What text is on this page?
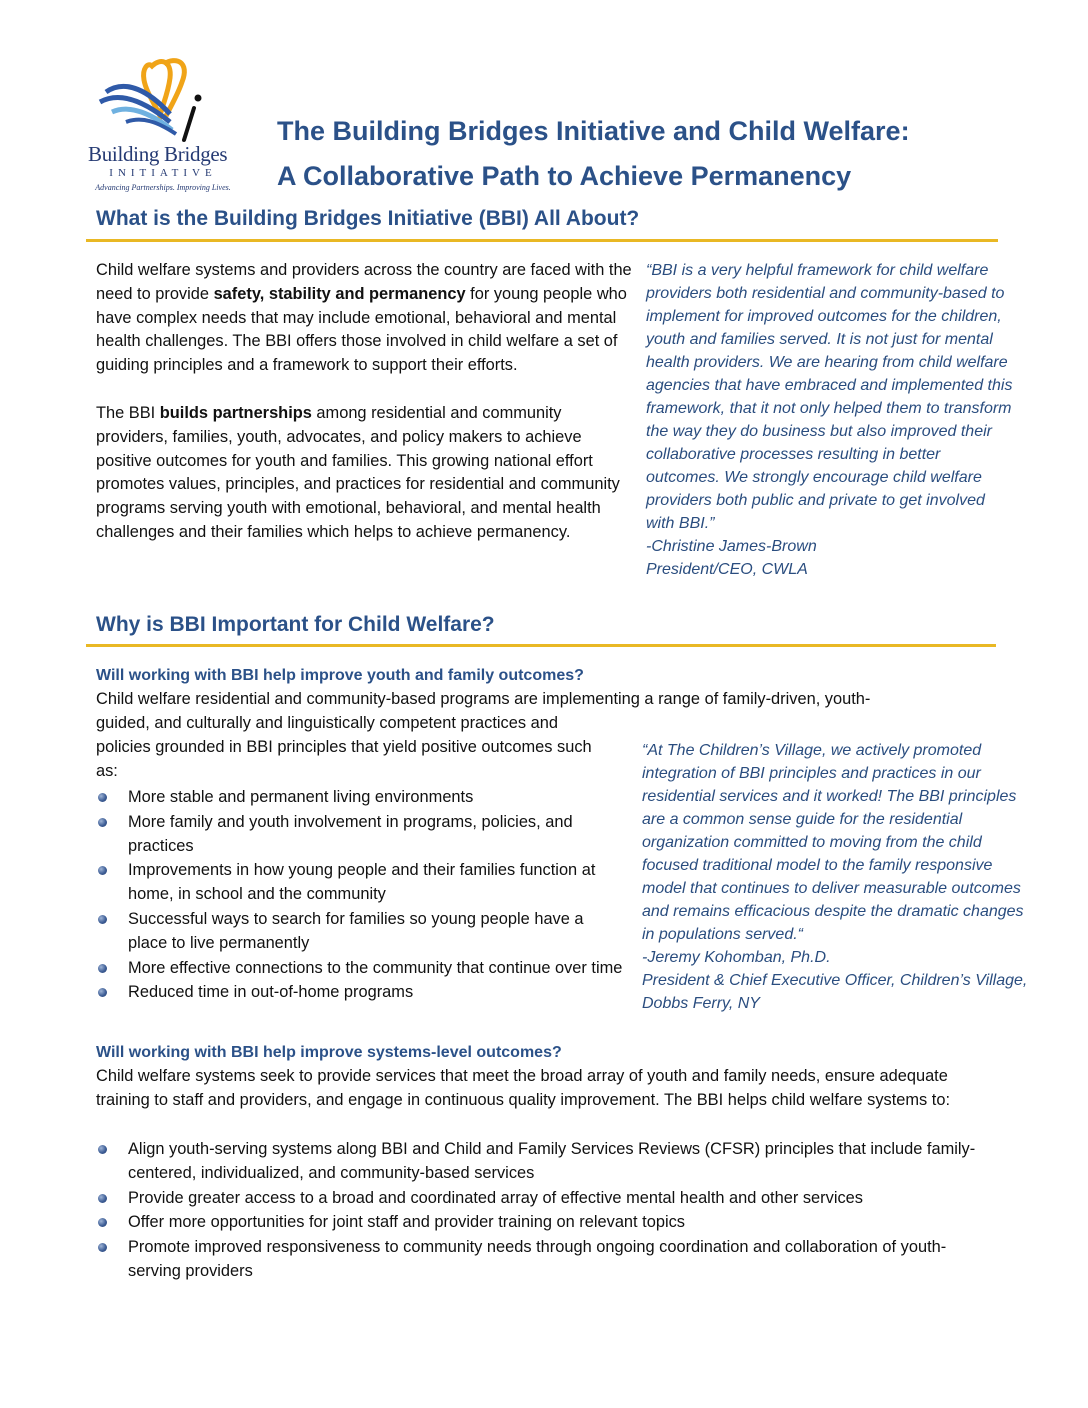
Building Bridges
INITIATIVE
Advancing Partnerships. Improving Lives.
The Building Bridges Initiative and Child Welfare:
A Collaborative Path to Achieve Permanency
What is the Building Bridges Initiative (BBI) All About?

Child welfare systems and providers across the country are faced with the need to provide safety, stability and permanency for young people who have complex needs that may include emotional, behavioral and mental health challenges. The BBI offers those involved in child welfare a set of guiding principles and a framework to support their efforts.

The BBI builds partnerships among residential and community providers, families, youth, advocates, and policy makers to achieve positive outcomes for youth and families. This growing national effort promotes values, principles, and practices for residential and community programs serving youth with emotional, behavioral, and mental health challenges and their families which helps to achieve permanency.

“BBI is a very helpful framework for child welfare providers both residential and community-based to implement for improved outcomes for the children, youth and families served. It is not just for mental health providers. We are hearing from child welfare agencies that have embraced and implemented this framework, that it not only helped them to transform the way they do business but also improved their collaborative processes resulting in better outcomes. We strongly encourage child welfare providers both public and private to get involved with BBI.”

-Christine James-Brown

President/CEO, CWLA

Why is BBI Important for Child Welfare?
Will working with BBI help improve youth and family outcomes?
Child welfare residential and community-based programs are implementing a range of family-driven, youth-
guided, and culturally and linguistically competent practices and policies grounded in BBI principles that yield positive outcomes such as:
More stable and permanent living environments
More family and youth involvement in programs, policies, and practices
Improvements in how young people and their families function at home, in school and the community
Successful ways to search for families so young people have a place to live permanently
More effective connections to the community that continue over time
Reduced time in out-of-home programs

“At The Children’s Village, we actively promoted integration of BBI principles and practices in our residential services and it worked! The BBI principles are a common sense guide for the residential organization committed to moving from the child focused traditional model to the family responsive model that continues to deliver measurable outcomes and remains efficacious despite the dramatic changes in populations served.“

-Jeremy Kohomban, Ph.D.

President & Chief Executive Officer, Children’s Village, Dobbs Ferry, NY

Will working with BBI help improve systems-level outcomes?
Child welfare systems seek to provide services that meet the broad array of youth and family needs, ensure adequate training to staff and providers, and engage in continuous quality improvement. The BBI helps child welfare systems to:
Align youth-serving systems along BBI and Child and Family Services Reviews (CFSR) principles that include family-centered, individualized, and community-based services
Provide greater access to a broad and coordinated array of effective mental health and other services
Offer more opportunities for joint staff and provider training on relevant topics
Promote improved responsiveness to community needs through ongoing coordination and collaboration of youth-serving providers
